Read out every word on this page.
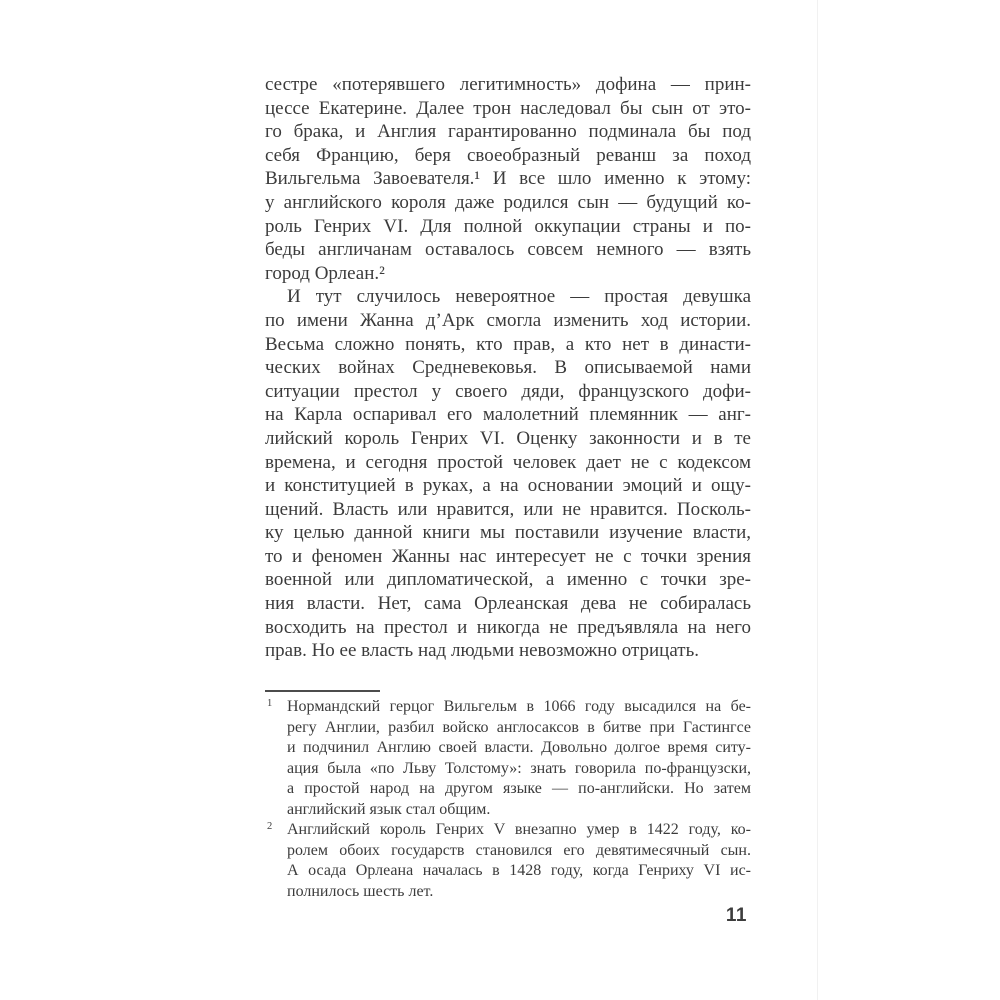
сестре «потерявшего легитимность» дофина — прин-
цессе Екатерине. Далее трон наследовал бы сын от это-
го брака, и Англия гарантированно подминала бы под
себя Францию, беря своеобразный реванш за поход
Вильгельма Завоевателя.¹ И все шло именно к этому:
у английского короля даже родился сын — будущий ко-
роль Генрих VI. Для полной оккупации страны и по-
беды англичанам оставалось совсем немного — взять
город Орлеан.²
И тут случилось невероятное — простая девушка
по имени Жанна д’Арк смогла изменить ход истории.
Весьма сложно понять, кто прав, а кто нет в династи-
ческих войнах Средневековья. В описываемой нами
ситуации престол у своего дяди, французского дофи-
на Карла оспаривал его малолетний племянник — анг-
лийский король Генрих VI. Оценку законности и в те
времена, и сегодня простой человек дает не с кодексом
и конституцией в руках, а на основании эмоций и ощу-
щений. Власть или нравится, или не нравится. Посколь-
ку целью данной книги мы поставили изучение власти,
то и феномен Жанны нас интересует не с точки зрения
военной или дипломатической, а именно с точки зре-
ния власти. Нет, сама Орлеанская дева не собиралась
восходить на престол и никогда не предъявляла на него
прав. Но ее власть над людьми невозможно отрицать.
1 Нормандский герцог Вильгельм в 1066 году высадился на бе-
регу Англии, разбил войско англосаксов в битве при Гастингсе
и подчинил Англию своей власти. Довольно долгое время ситу-
ация была «по Льву Толстому»: знать говорила по-французски,
а простой народ на другом языке — по-английски. Но затем
английский язык стал общим.
2 Английский король Генрих V внезапно умер в 1422 году, ко-
ролем обоих государств становился его девятимесячный сын.
А осада Орлеана началась в 1428 году, когда Генриху VI ис-
полнилось шесть лет.
11
